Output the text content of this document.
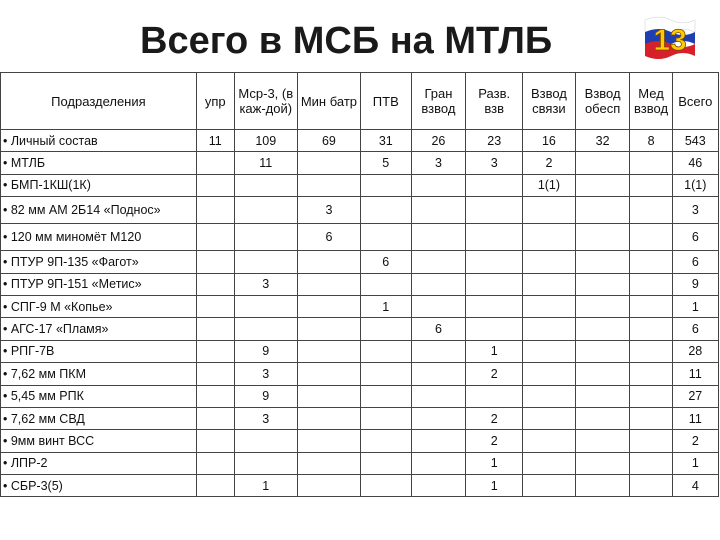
Всего в МСБ на МТЛБ	13
Подразделения	упр	Мср-3, (в каж-дой)	Мин батр	ПТВ	Гран взвод	Разв. взв	Взвод связи	Взвод обесп	Мед взвод	Всего
• Личный состав	11	109	69	31	26	23	16	32	8	543
• МТЛБ		11		5	3	3	2			46
• БМП-1КШ(1К)							1(1)			1(1)
• 82 мм АМ 2Б14 «Поднос»			3							3
• 120 мм миномёт М120			6							6
• ПТУР 9П-135 «Фагот»				6						6
• ПТУР 9П-151 «Метис»		3								9
• СПГ-9 М «Копье»				1						1
• АГС-17 «Пламя»					6					6
• РПГ-7В		9				1				28
• 7,62 мм ПКМ		3				2				11
• 5,45 мм РПК		9								27
• 7,62 мм СВД		3				2				11
• 9мм винт ВСС						2				2
• ЛПР-2						1				1
• СБР-3(5)		1				1				4
